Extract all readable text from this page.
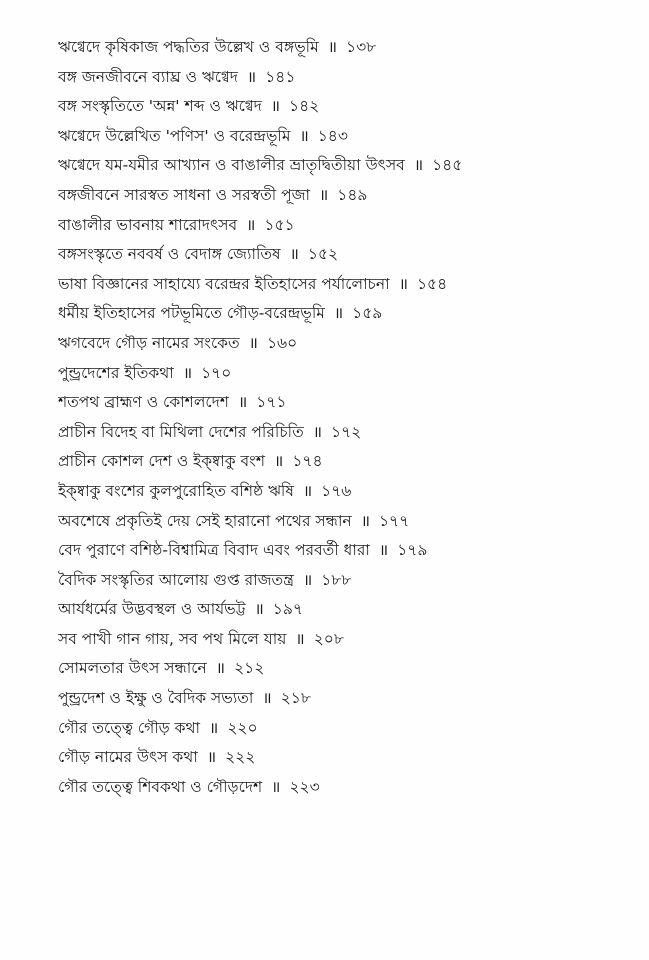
ঋগ্বেদে কৃষিকাজ পদ্ধতির উল্লেখ ও বঙ্গভূমি ॥ ১৩৮
বঙ্গ জনজীবনে ব্যাঘ্র ও ঋগ্বেদ ॥ ১৪১
বঙ্গ সংস্কৃতিতে 'অন্ন' শব্দ ও ঋগ্বেদ ॥ ১৪২
ঋগ্বেদে উল্লেখিত 'পণিস' ও বরেন্দ্রভূমি ॥ ১৪৩
ঋগ্বেদে যম-যমীর আখ্যান ও বাঙালীর ভ্রাতৃদ্বিতীয়া উৎসব ॥ ১৪৫
বঙ্গজীবনে সারস্বত সাধনা ও সরস্বতী পূজা ॥ ১৪৯
বাঙালীর ভাবনায় শারোদৎসব ॥ ১৫১
বঙ্গসংস্কৃতে নববর্ষ ও বেদাঙ্গ জ্যোতিষ ॥ ১৫২
ভাষা বিজ্ঞানের সাহায্যে বরেন্দ্রর ইতিহাসের পর্যালোচনা ॥ ১৫৪
ধর্মীয় ইতিহাসের পটভূমিতে গৌড়-বরেন্দ্রভূমি ॥ ১৫৯
ঋগবেদে গৌড় নামের সংকেত ॥ ১৬০
পুন্ড্রদেশের ইতিকথা ॥ ১৭০
শতপথ ব্রাহ্মণ ও কোশলদেশ ॥ ১৭১
প্রাচীন বিদেহ বা মিথিলা দেশের পরিচিতি ॥ ১৭২
প্রাচীন কোশল দেশ ও ইক্ষ্বাকু বংশ ॥ ১৭৪
ইক্ষ্বাকু বংশের কুলপুরোহিত বশিষ্ঠ ঋষি ॥ ১৭৬
অবশেষে প্রকৃতিই দেয় সেই হারানো পথের সন্ধান ॥ ১৭৭
বেদ পুরাণে বশিষ্ঠ-বিশ্বামিত্র বিবাদ এবং পরবর্তী ধারা ॥ ১৭৯
বৈদিক সংস্কৃতির আলোয় গুপ্ত রাজতন্ত্র ॥ ১৮৮
আর্যধর্মের উদ্ভবস্থল ও আর্যভট্ট ॥ ১৯৭
সব পাখী গান গায়, সব পথ মিলে যায় ॥ ২০৮
সোমলতার উৎস সন্ধানে ॥ ২১২
পুন্ড্রদেশ ও ইক্ষু ও বৈদিক সভ্যতা ॥ ২১৮
গৌর তত্ত্বে গৌড় কথা ॥ ২২০
গৌড় নামের উৎস কথা ॥ ২২২
গৌর তত্ত্বে শিবকথা ও গৌড়দেশ ॥ ২২৩
